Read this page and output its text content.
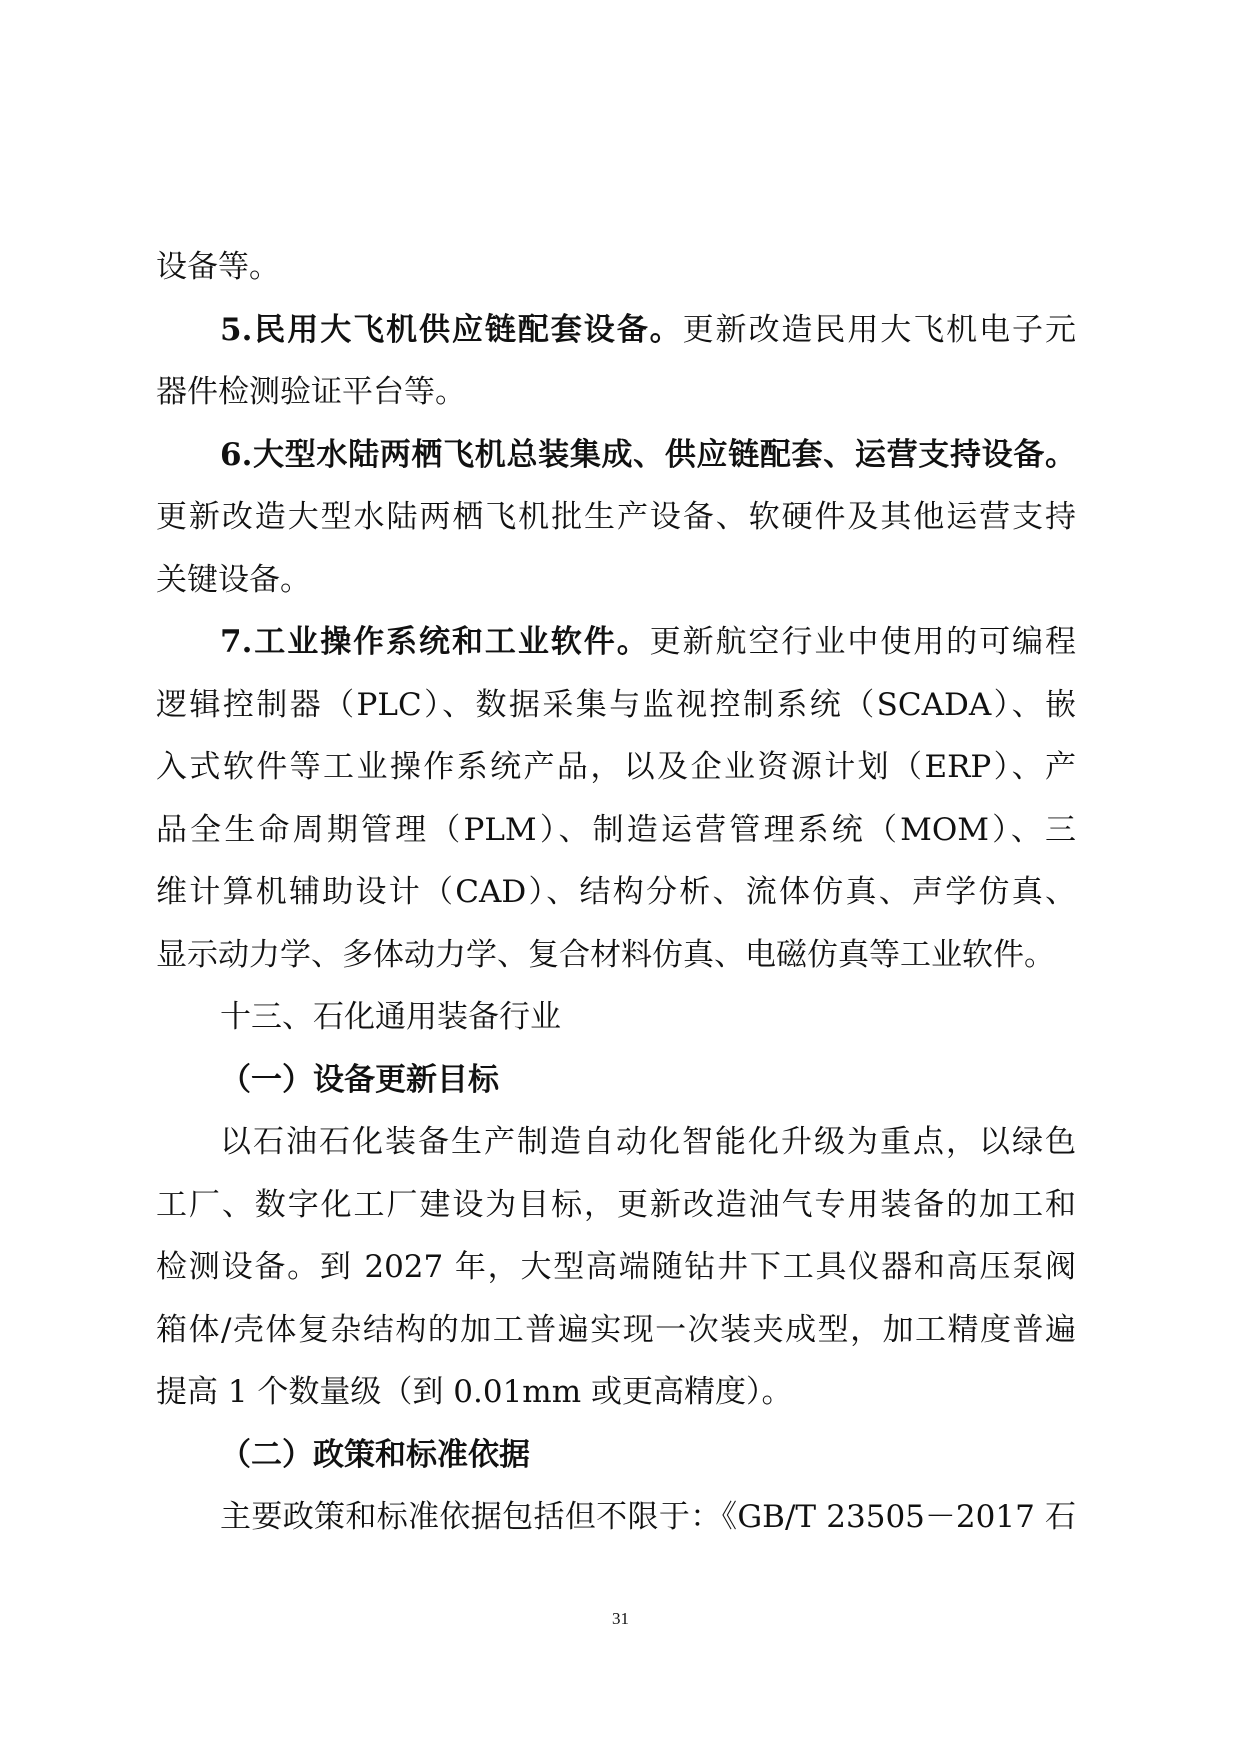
设备等。
5.民用大飞机供应链配套设备。更新改造民用大飞机电子元
器件检测验证平台等。
6.大型水陆两栖飞机总装集成、供应链配套、运营支持设备。
更新改造大型水陆两栖飞机批生产设备、软硬件及其他运营支持
关键设备。
7.工业操作系统和工业软件。更新航空行业中使用的可编程
逻辑控制器（PLC）、数据采集与监视控制系统（SCADA）、嵌
入式软件等工业操作系统产品，以及企业资源计划（ERP）、产
品全生命周期管理（PLM）、制造运营管理系统（MOM）、三
维计算机辅助设计（CAD）、结构分析、流体仿真、声学仿真、
显示动力学、多体动力学、复合材料仿真、电磁仿真等工业软件。
十三、石化通用装备行业
（一）设备更新目标
以石油石化装备生产制造自动化智能化升级为重点，以绿色
工厂、数字化工厂建设为目标，更新改造油气专用装备的加工和
检测设备。到 2027 年，大型高端随钻井下工具仪器和高压泵阀
箱体/壳体复杂结构的加工普遍实现一次装夹成型，加工精度普遍
提高 1 个数量级（到 0.01mm 或更高精度）。
（二）政策和标准依据
主要政策和标准依据包括但不限于：《GB/T 23505－2017 石
31
